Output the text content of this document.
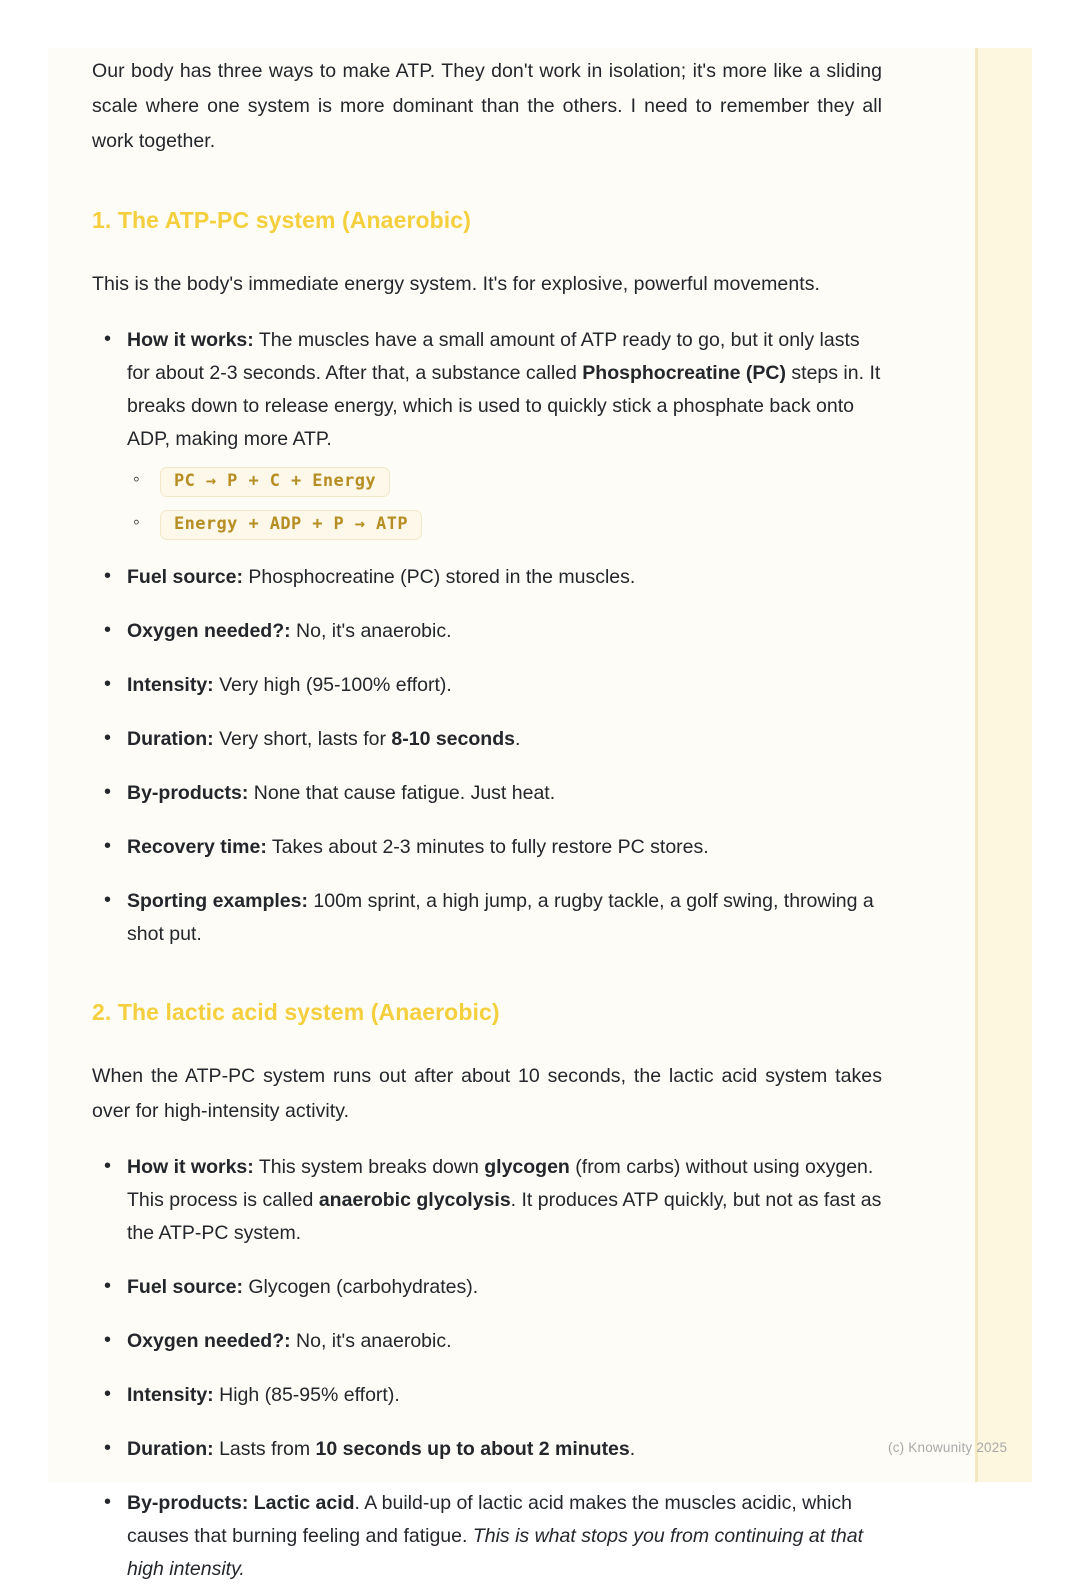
Our body has three ways to make ATP. They don't work in isolation; it's more like a sliding scale where one system is more dominant than the others. I need to remember they all work together.

1. The ATP-PC system (Anaerobic)

This is the body's immediate energy system. It's for explosive, powerful movements.

• How it works: The muscles have a small amount of ATP ready to go, but it only lasts for about 2-3 seconds. After that, a substance called Phosphocreatine (PC) steps in. It breaks down to release energy, which is used to quickly stick a phosphate back onto ADP, making more ATP.
◦ PC → P + C + Energy
◦ Energy + ADP + P → ATP
• Fuel source: Phosphocreatine (PC) stored in the muscles.
• Oxygen needed?: No, it's anaerobic.
• Intensity: Very high (95-100% effort).
• Duration: Very short, lasts for 8-10 seconds.
• By-products: None that cause fatigue. Just heat.
• Recovery time: Takes about 2-3 minutes to fully restore PC stores.
• Sporting examples: 100m sprint, a high jump, a rugby tackle, a golf swing, throwing a shot put.
2. The lactic acid system (Anaerobic)

When the ATP-PC system runs out after about 10 seconds, the lactic acid system takes over for high-intensity activity.

• How it works: This system breaks down glycogen (from carbs) without using oxygen. This process is called anaerobic glycolysis. It produces ATP quickly, but not as fast as the ATP-PC system.
• Fuel source: Glycogen (carbohydrates).
• Oxygen needed?: No, it's anaerobic.
• Intensity: High (85-95% effort).
• Duration: Lasts from 10 seconds up to about 2 minutes.
• By-products: Lactic acid. A build-up of lactic acid makes the muscles acidic, which causes that burning feeling and fatigue. This is what stops you from continuing at that high intensity.
(c) Knowunity 2025
